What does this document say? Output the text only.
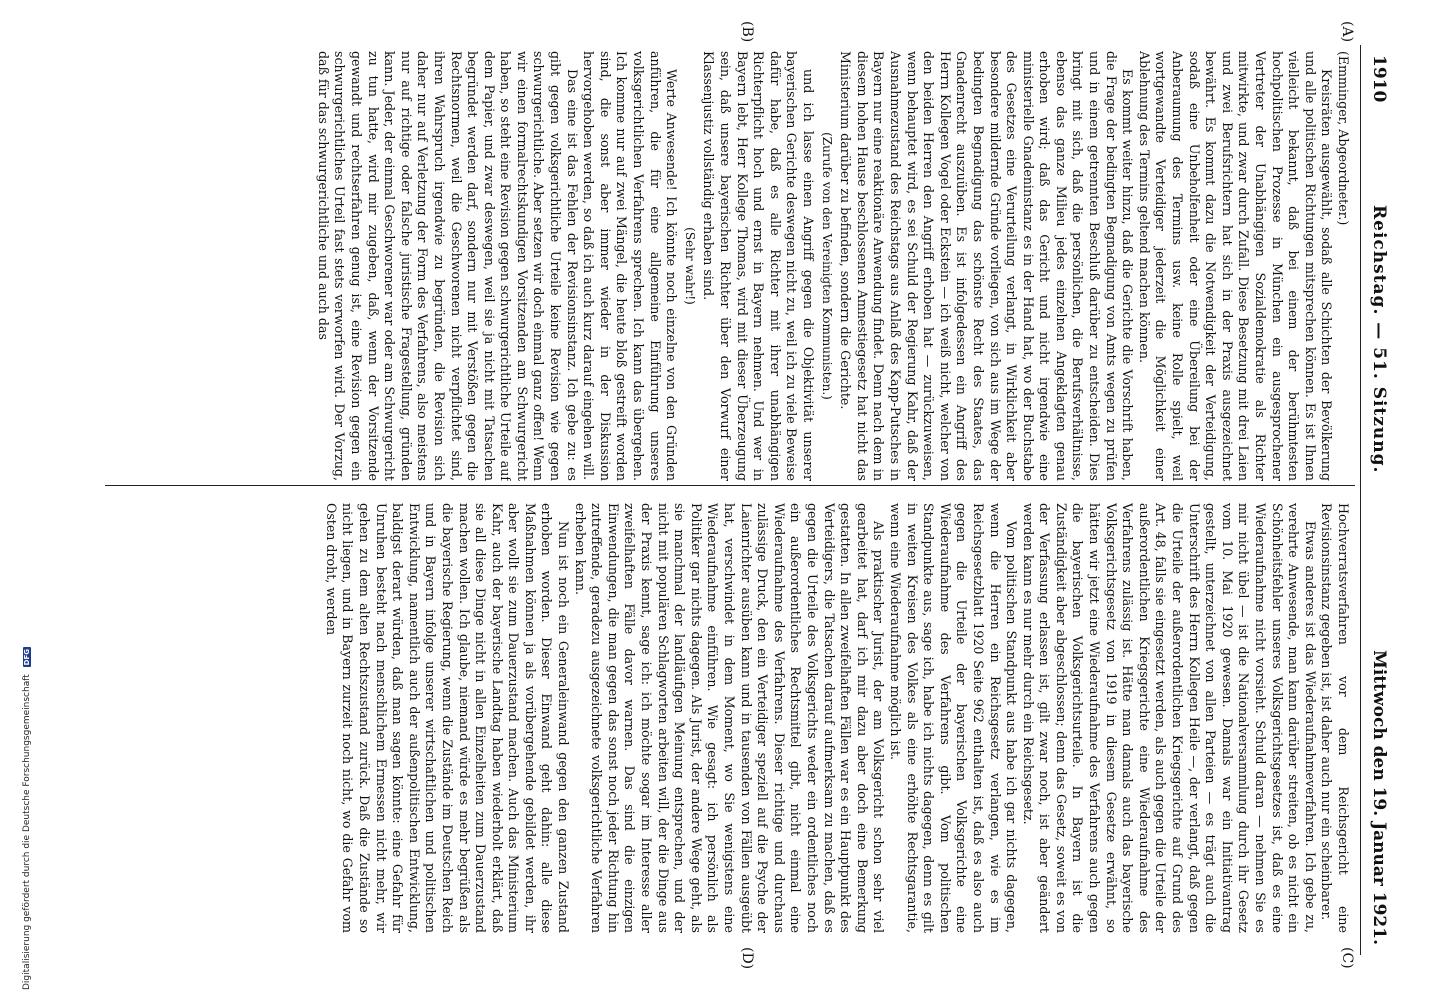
Digitalisierung gefördert durch die Deutsche Forschungsgemeinschaft DFG
1910
Reichstag. — 51. Sitzung.
Mittwoch den 19. Januar 1921.
(A)
(B)
(C)
(D)

(Emminger, Abgeordneter.)

Kreisräten ausgewählt, sodaß alle Schichten der Bevölkerung und alle politischen Richtungen mitsprechen können. Es ist Ihnen vielleicht bekannt, daß bei einem der berühmtesten hochpolitischen Prozesse in München ein ausgesprochener Vertreter der Unabhängigen Sozialdemokratie als Richter mitwirkte, und zwar durch Zufall. Diese Besetzung mit drei Laien und zwei Berufsrichtern hat sich in der Praxis ausgezeichnet bewährt. Es kommt dazu die Notwendigkeit der Verteidigung, sodaß eine Unbeholfenheit oder eine Übereilung bei der Anberaumung des Termins usw. keine Rolle spielt, weil wortgewandte Verteidiger jederzeit die Möglichkeit einer Ablehnung des Termins geltend machen können.

Es kommt weiter hinzu, daß die Gerichte die Vorschrift haben, die Frage der bedingten Begnadigung von Amts wegen zu prüfen und in einem getrennten Beschluß darüber zu entscheiden. Dies bringt mit sich, daß die persönlichen, die Berufsverhältnisse, ebenso das ganze Milieu jedes einzelnen Angeklagten genau erhoben wird; daß das Gericht und nicht irgendwie eine ministerielle Gnadeninstanz es in der Hand hat, wo der Buchstabe des Gesetzes eine Verurteilung verlangt, in Wirklichkeit aber besondere mildernde Gründe vorliegen, von sich aus im Wege der bedingten Begnadigung das schönste Recht des Staates, das Gnadenrecht auszuüben. Es ist infolgedessen ein Angriff des Herrn Kollegen Vogel oder Eckstein — ich weiß nicht, welcher von den beiden Herren den Angriff erhoben hat — zurückzuweisen, wenn behauptet wird, es sei Schuld der Regierung Kahr, daß der Ausnahmezustand des Reichstags aus Anlaß des Kapp-Putsches in Bayern nur eine reaktionäre Anwendung findet. Denn nach dem in diesem hohen Hause beschlossenen Amnestiegesetz hat nicht das Ministerium darüber zu befinden, sondern die Gerichte.

(Zurufe von den Vereinigten Kommunisten.)

und ich lasse einen Angriff gegen die Objektivität unserer bayerischen Gerichte deswegen nicht zu, weil ich zu viele Beweise dafür habe, daß es alle Richter mit ihrer unabhängigen Richterpflicht hoch und ernst in Bayern nehmen. Und wer in Bayern lebt, Herr Kollege Thomas, wird mit dieser Überzeugung sein, daß unsere bayerischen Richter über den Vorwurf einer Klassenjustiz vollständig erhaben sind.

(Sehr wahr!)

Werte Anwesende! Ich könnte noch einzelne von den Gründen anführen, die für eine allgemeine Einführung unseres volksgerichtlichen Verfahrens sprechen. Ich kann das übergehen. Ich komme nur auf zwei Mängel, die heute bloß gestreift worden sind, die sonst aber immer wieder in der Diskussion hervorgehoben werden, so daß ich auch kurz darauf eingehen will.

Das eine ist das Fehlen der Revisionsinstanz. Ich gebe zu: es gibt gegen volksgerichtliche Urteile keine Revision wie gegen schwurgerichtliche. Aber setzen wir doch einmal ganz offen! Wenn wir einen formalrechtskundigen Vorsitzenden am Schwurgericht haben, so steht eine Revision gegen schwurgerichtliche Urteile auf dem Papier, und zwar deswegen, weil sie ja nicht mit Tatsachen begründet werden darf, sondern nur mit Verstößen gegen die Rechtsnormen, weil die Geschworenen nicht verpflichtet sind, ihren Wahrspruch irgendwie zu begründen, die Revision sich daher nur auf Verletzung der Form des Verfahrens, also meistens nur auf richtige oder falsche juristische Fragestellung, gründen kann. Jeder, der einmal Geschworener war oder am Schwurgericht zu tun hatte, wird mir zugeben, daß, wenn der Vorsitzende gewandt und rechtserfahren genug ist, eine Revision gegen ein schwurgerichtliches Urteil fast stets verworfen wird. Der Vorzug, daß für das schwurgerichtliche und auch das

Hochverratsverfahren vor dem Reichsgericht eine Revisionsinstanz gegeben ist, ist daher auch nur ein scheinbarer.

Etwas anderes ist das Wiederaufnahmeverfahren. Ich gebe zu, verehrte Anwesende, man kann darüber streiten, ob es nicht ein Schönheitsfehler unseres Volksgerichtsgesetzes ist, daß es eine Wiederaufnahme nicht vorsieht. Schuld daran — nehmen Sie es mir nicht übel — ist die Nationalversammlung durch ihr Gesetz vom 10. Mai 1920 gewesen. Damals war ein Initiativantrag gestellt, unterzeichnet von allen Parteien — es trägt auch die Unterschrift des Herrn Kollegen Heile —, der verlangt, daß gegen die Urteile der außerordentlichen Kriegsgerichte auf Grund des Art. 48, falls sie eingesetzt werden, als auch gegen die Urteile der außerordentlichen Kriegsgerichte eine Wiederaufnahme des Verfahrens zulässig ist. Hätte man damals auch das bayerische Volksgerichtsgesetz von 1919 in diesem Gesetze erwähnt, so hätten wir jetzt eine Wiederaufnahme des Verfahrens auch gegen die bayerischen Volksgerichtsurteile. In Bayern ist die Zuständigkeit aber abgeschlossen; denn das Gesetz, soweit es von der Verfassung erlassen ist, gilt zwar noch, ist aber geändert werden kann es nur mehr durch ein Reichsgesetz.

Vom politischen Standpunkt aus habe ich gar nichts dagegen, wenn die Herren ein Reichsgesetz verlangen, wie es im Reichsgesetzblatt 1920 Seite 962 enthalten ist, daß es also auch gegen die Urteile der bayerischen Volksgerichte eine Wiederaufnahme des Verfahrens gibt. Vom politischen Standpunkte aus, sage ich, habe ich nichts dagegen, denn es gilt in weiten Kreisen des Volkes als eine erhöhte Rechtsgarantie, wenn eine Wiederaufnahme möglich ist.

Als praktischer Jurist, der am Volksgericht schon sehr viel gearbeitet hat, darf ich mir dazu aber doch eine Bemerkung gestatten. In allen zweifelhaften Fällen war es ein Hauptpunkt des Verteidigers, die Tatsachen darauf aufmerksam zu machen, daß es gegen die Urteile des Volksgerichts weder ein ordentliches noch ein außerordentliches Rechtsmittel gibt, nicht einmal eine Wiederaufnahme des Verfahrens. Dieser richtige und durchaus zulässige Druck, den ein Verteidiger speziell auf die Psyche der Laienrichter ausüben kann und in tausenden von Fällen ausgeübt hat, verschwindet in dem Moment, wo Sie wenigstens eine Wiederaufnahme einführen. Wie gesagt: ich persönlich als Politiker gar nichts dagegen. Als Jurist, der andere Wege geht, als sie manchmal der landläufigen Meinung entsprechen, und der nicht mit populären Schlagworten arbeiten will, der die Dinge aus der Praxis kennt, sage ich: ich möchte sogar im Interesse aller zweifelhaften Fälle davor warnen. Das sind die einzigen Einwendungen, die man gegen das sonst noch jeder Richtung hin zutreffende, geradezu ausgezeichnete volksgerichtliche Verfahren erheben kann.

Nun ist noch ein Generaleinwand gegen den ganzen Zustand erhoben worden. Dieser Einwand geht dahin: alle diese Maßnahmen können ja als vorübergehende gebildet werden, ihr aber wollt sie zum Dauerzustand machen. Auch das Ministerium Kahr, auch der bayerische Landtag haben wiederholt erklärt, daß sie all diese Dinge nicht in allen Einzelheiten zum Dauerzustand machen wollen. Ich glaube, niemand würde es mehr begrüßen als die bayerische Regierung, wenn die Zustände im Deutschen Reich und in Bayern infolge unserer wirtschaftlichen und politischen Entwicklung, namentlich auch der außenpolitischen Entwicklung, baldigst derart würden, daß man sagen könnte: eine Gefahr für Unruhen besteht nach menschlichem Ermessen nicht mehr, wir gehen zu dem alten Rechtszustand zurück. Daß die Zustände so nicht liegen, und in Bayern zurzeit noch nicht, wo die Gefahr vom Osten droht, werden
